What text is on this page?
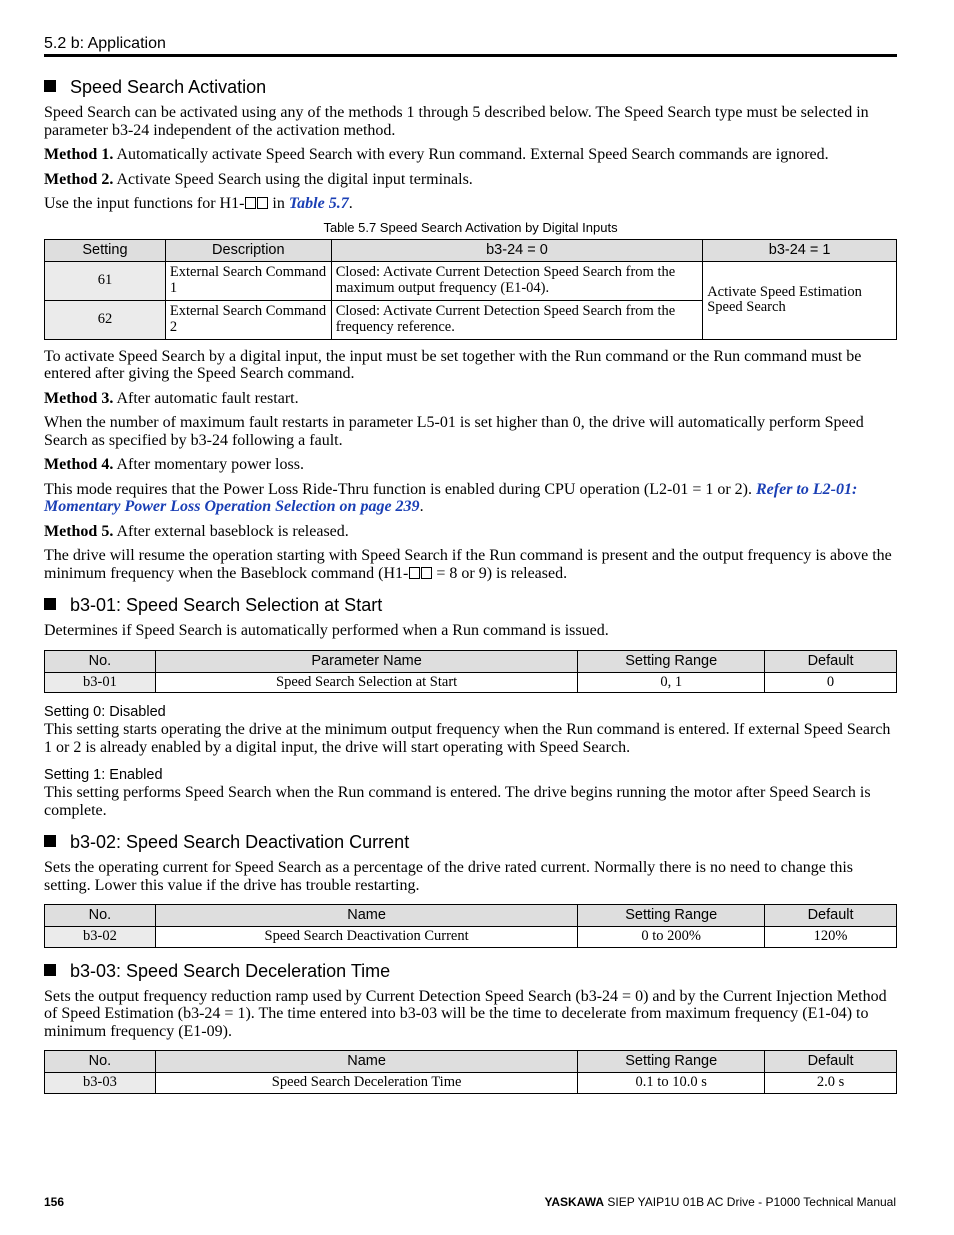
5.2 b: Application
Speed Search Activation

Speed Search can be activated using any of the methods 1 through 5 described below. The Speed Search type must be selected in parameter b3-24 independent of the activation method.

Method 1. Automatically activate Speed Search with every Run command. External Speed Search commands are ignored.

Method 2. Activate Speed Search using the digital input terminals.

Use the input functions for H1- in Table 5.7.

Table 5.7 Speed Search Activation by Digital Inputs
Setting	Description	b3-24 = 0	b3-24 = 1
61	External Search Command 1	Closed: Activate Current Detection Speed Search from the maximum output frequency (E1-04).	Activate Speed Estimation Speed Search
62	External Search Command 2	Closed: Activate Current Detection Speed Search from the frequency reference.	

To activate Speed Search by a digital input, the input must be set together with the Run command or the Run command must be entered after giving the Speed Search command.

Method 3. After automatic fault restart.

When the number of maximum fault restarts in parameter L5-01 is set higher than 0, the drive will automatically perform Speed Search as specified by b3-24 following a fault.

Method 4. After momentary power loss.

This mode requires that the Power Loss Ride-Thru function is enabled during CPU operation (L2-01 = 1 or 2). Refer to L2-01: Momentary Power Loss Operation Selection on page 239.

Method 5. After external baseblock is released.

The drive will resume the operation starting with Speed Search if the Run command is present and the output frequency is above the minimum frequency when the Baseblock command (H1- = 8 or 9) is released.

b3-01: Speed Search Selection at Start

Determines if Speed Search is automatically performed when a Run command is issued.

No.	Parameter Name	Setting Range	Default
b3-01	Speed Search Selection at Start	0, 1	0
Setting 0: Disabled

This setting starts operating the drive at the minimum output frequency when the Run command is entered. If external Speed Search 1 or 2 is already enabled by a digital input, the drive will start operating with Speed Search.

Setting 1: Enabled

This setting performs Speed Search when the Run command is entered. The drive begins running the motor after Speed Search is complete.

b3-02: Speed Search Deactivation Current

Sets the operating current for Speed Search as a percentage of the drive rated current. Normally there is no need to change this setting. Lower this value if the drive has trouble restarting.

No.	Name	Setting Range	Default
b3-02	Speed Search Deactivation Current	0 to 200%	120%
b3-03: Speed Search Deceleration Time

Sets the output frequency reduction ramp used by Current Detection Speed Search (b3-24 = 0) and by the Current Injection Method of Speed Estimation (b3-24 = 1). The time entered into b3-03 will be the time to decelerate from maximum frequency (E1-04) to minimum frequency (E1-09).

No.	Name	Setting Range	Default
b3-03	Speed Search Deceleration Time	0.1 to 10.0 s	2.0 s
156	YASKAWA SIEP YAIP1U 01B AC Drive - P1000 Technical Manual
